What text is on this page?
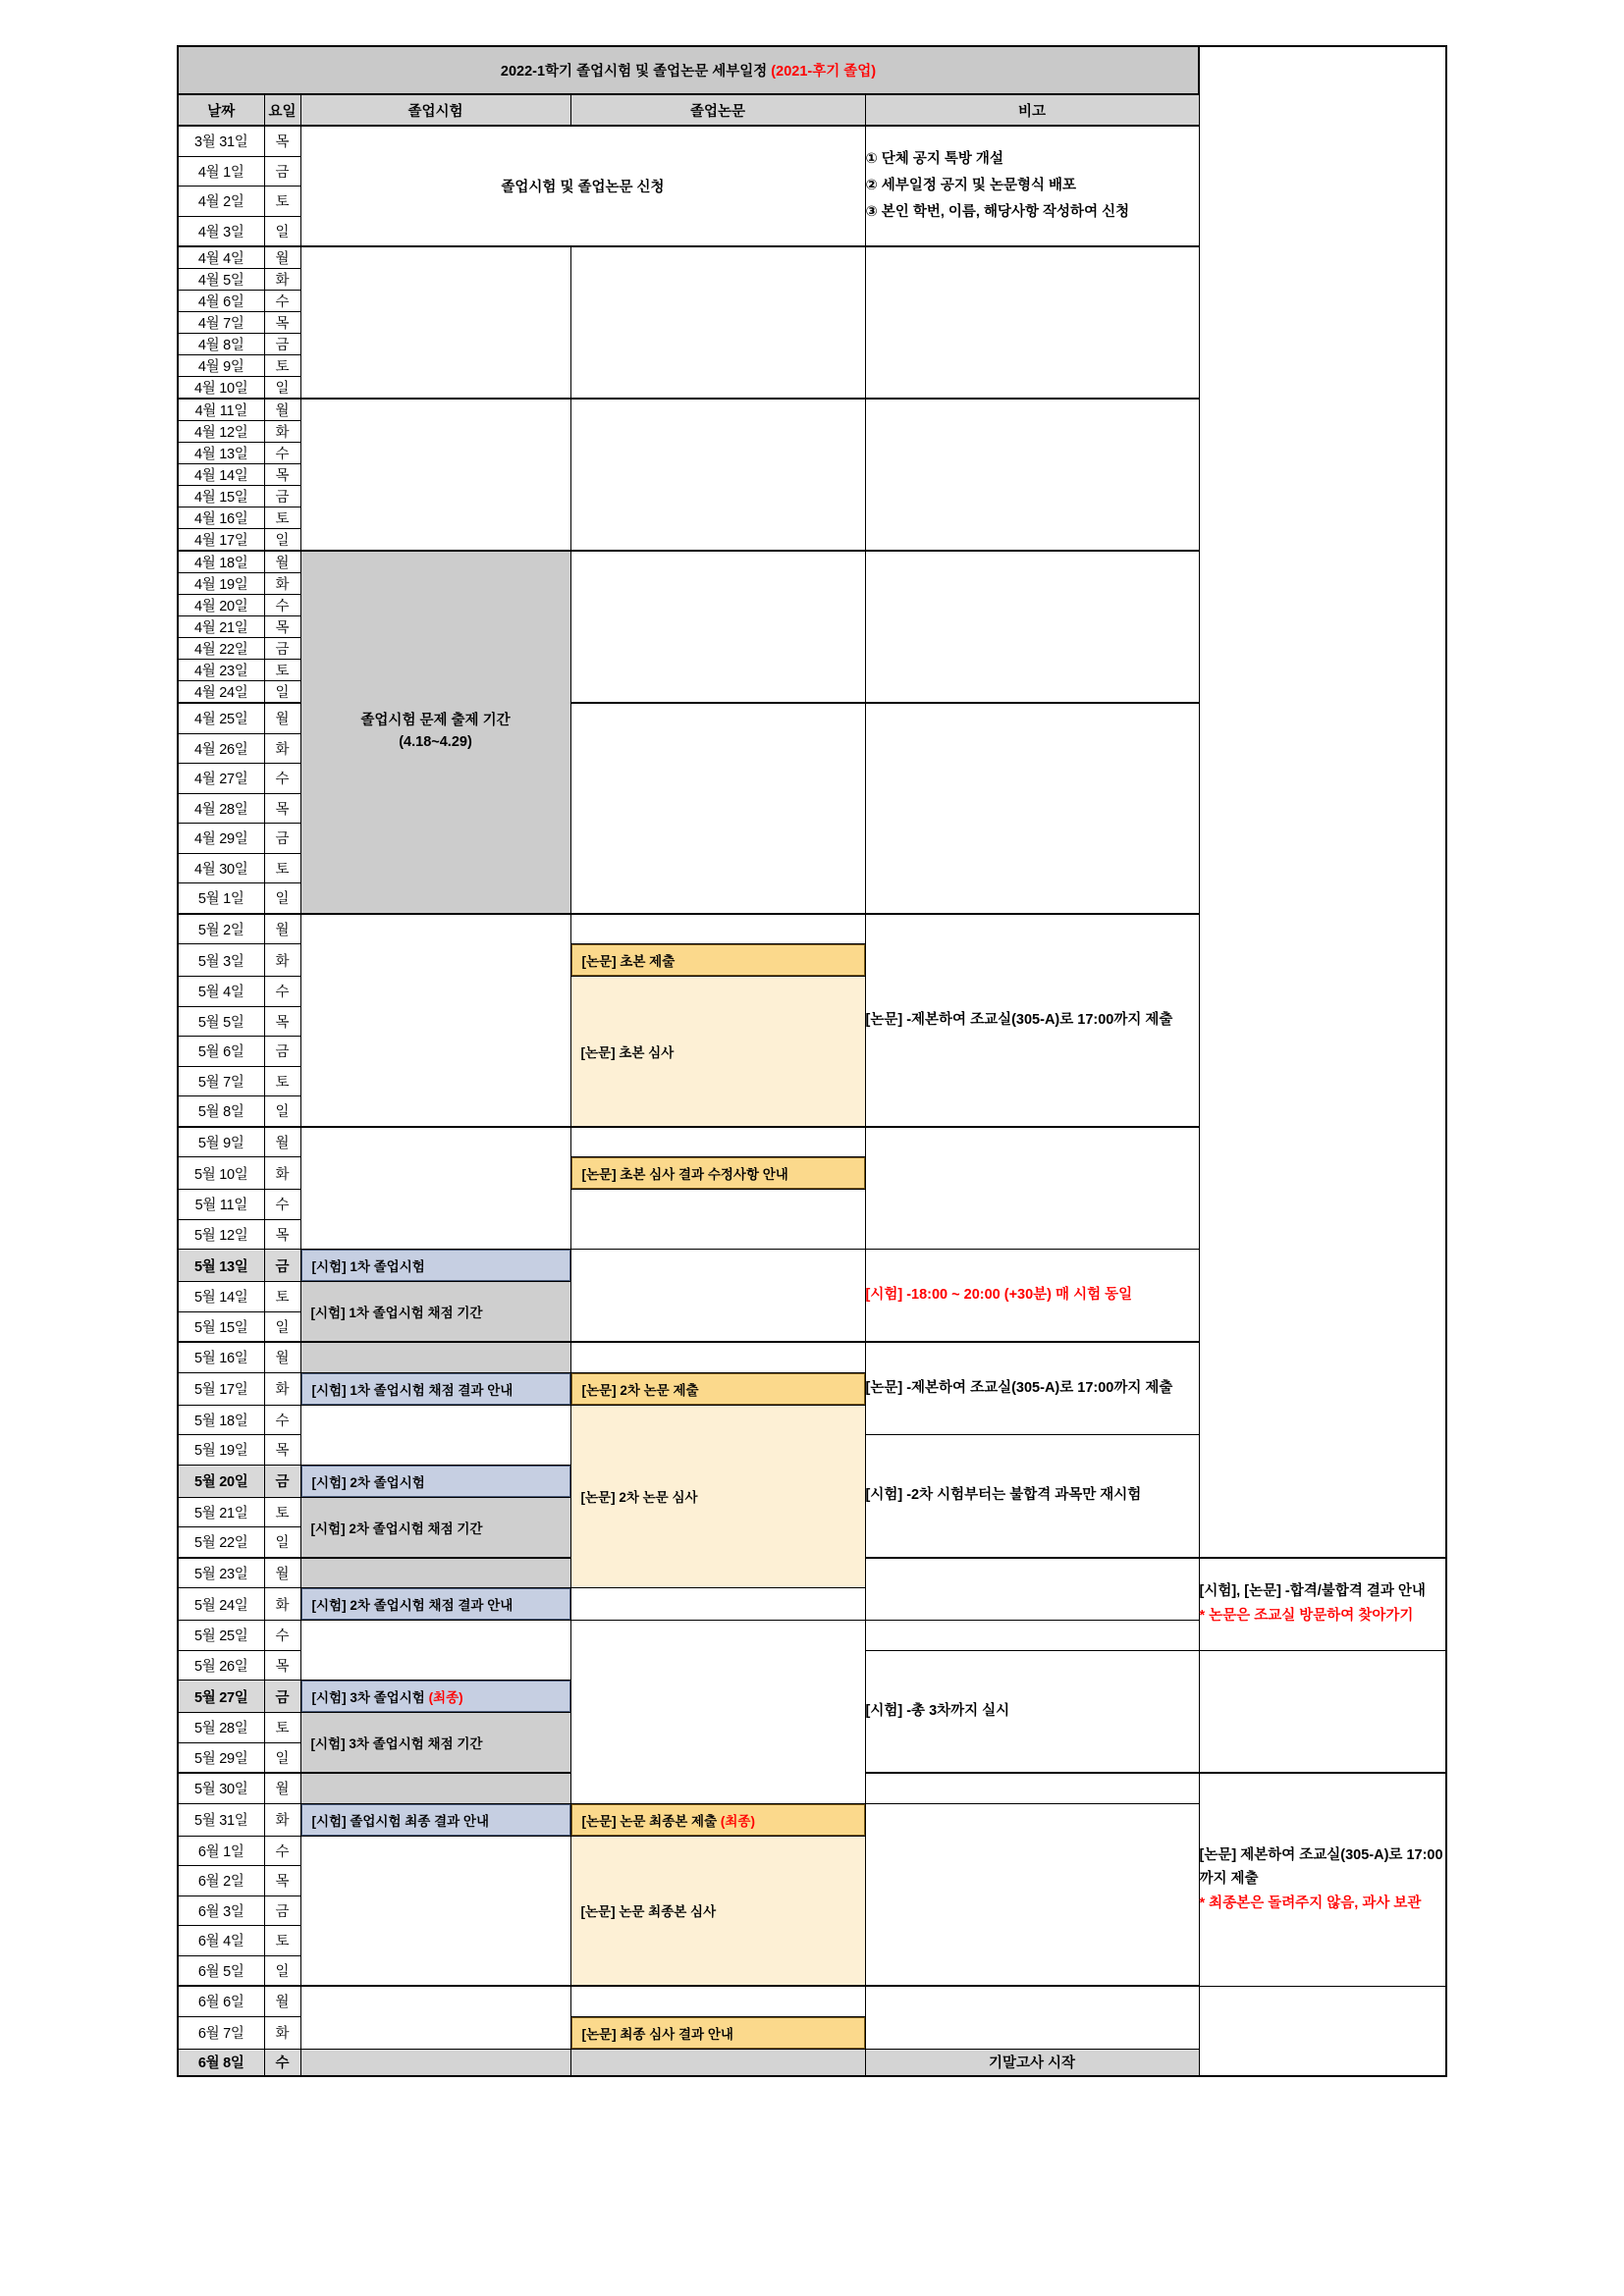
2022-1학기 졸업시험 및 졸업논문 세부일정 (2021-후기 졸업)					
날짜	요일	졸업시험	졸업논문	비고	
3월 31일	목	졸업시험 및 졸업논문 신청		① 단체 공지 톡방 개설
② 세부일정 공지 및 논문형식 배포
③ 본인 학번, 이름, 해당사항 작성하여 신청	

4월 1일	금				
4월 2일	토				
4월 3일	일				
4월 4일	월				
4월 5일	화				
4월 6일	수				
4월 7일	목				
4월 8일	금				
4월 9일	토				
4월 10일	일				
4월 11일	월				
4월 12일	화				
4월 13일	수				
4월 14일	목				
4월 15일	금				
4월 16일	토				
4월 17일	일				
4월 18일	월	졸업시험 문제 출제 기간
(4.18~4.29)			

4월 19일	화				
4월 20일	수				
4월 21일	목				
4월 22일	금				
4월 23일	토				
4월 24일	일				
4월 25일	월				
4월 26일	화				
4월 27일	수				
4월 28일	목				
4월 29일	금				
4월 30일	토				
5월 1일	일				
5월 2일	월			[논문] -제본하여 조교실(305-A)로 17:00까지 제출	
5월 3일	화		[논문] 초본 제출		

5월 4일	수		[논문] 초본 심사		

5월 5일	목				
5월 6일	금				
5월 7일	토				
5월 8일	일				
5월 9일	월				
5월 10일	화		[논문] 초본 심사 결과 수정사항 안내		

5월 11일	수				
5월 12일	목				
5월 13일	금	[시험] 1차 졸업시험		[시험] -18:00 ~ 20:00 (+30분) 매 시험 동일	
5월 14일	토	[시험] 1차 졸업시험 채점 기간			

5월 15일	일				
5월 16일	월			[논문] -제본하여 조교실(305-A)로 17:00까지 제출	
5월 17일	화	[시험] 1차 졸업시험 채점 결과 안내	[논문] 2차 논문 제출		

5월 18일	수		[논문] 2차 논문 심사		

5월 19일	목			[시험] -2차 시험부터는 불합격 과목만 재시험	
5월 20일	금	[시험] 2차 졸업시험			

5월 21일	토	[시험] 2차 졸업시험 채점 기간			

5월 22일	일				
5월 23일	월				[시험], [논문] -합격/불합격 결과 안내
* 논문은 조교실 방문하여 찾아가기

5월 24일	화	[시험] 2차 졸업시험 채점 결과 안내			

5월 25일	수				
5월 26일	목			[시험] -총 3차까지 실시	
5월 27일	금	[시험] 3차 졸업시험 (최종)			

5월 28일	토	[시험] 3차 졸업시험 채점 기간			

5월 29일	일				
5월 30일	월				[논문] 제본하여 조교실(305-A)로 17:00까지 제출
* 최종본은 돌려주지 않음, 과사 보관

5월 31일	화	[시험] 졸업시험 최종 결과 안내	[논문] 논문 최종본 제출 (최종)		

6월 1일	수		[논문] 논문 최종본 심사		

6월 2일	목				
6월 3일	금				
6월 4일	토				
6월 5일	일				
6월 6일	월				
6월 7일	화		[논문] 최종 심사 결과 안내		

6월 8일	수			기말고사 시작	
